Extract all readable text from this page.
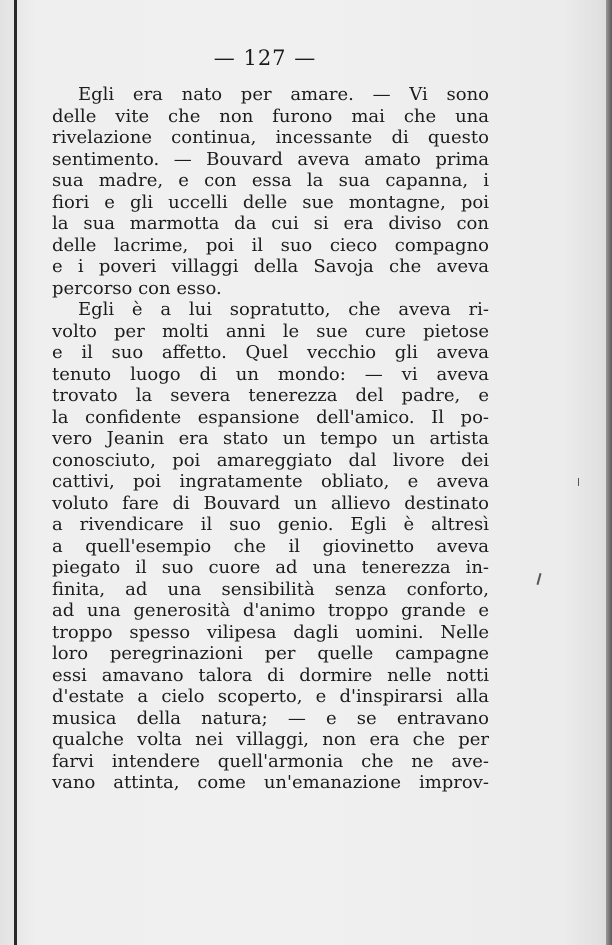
— 127 —
Egli era nato per amare. — Vi sono
delle vite che non furono mai che una
rivelazione continua, incessante di questo
sentimento. — Bouvard aveva amato prima
sua madre, e con essa la sua capanna, i
fiori e gli uccelli delle sue montagne, poi
la sua marmotta da cui si era diviso con
delle lacrime, poi il suo cieco compagno
e i poveri villaggi della Savoja che aveva
percorso con esso.
Egli è a lui sopratutto, che aveva ri-
volto per molti anni le sue cure pietose
e il suo affetto. Quel vecchio gli aveva
tenuto luogo di un mondo: — vi aveva
trovato la severa tenerezza del padre, e
la confidente espansione dell'amico. Il po-
vero Jeanin era stato un tempo un artista
conosciuto, poi amareggiato dal livore dei
cattivi, poi ingratamente obliato, e aveva
voluto fare di Bouvard un allievo destinato
a rivendicare il suo genio. Egli è altresì
a quell'esempio che il giovinetto aveva
piegato il suo cuore ad una tenerezza in-
finita, ad una sensibilità senza conforto,
ad una generosità d'animo troppo grande e
troppo spesso vilipesa dagli uomini. Nelle
loro peregrinazioni per quelle campagne
essi amavano talora di dormire nelle notti
d'estate a cielo scoperto, e d'inspirarsi alla
musica della natura; — e se entravano
qualche volta nei villaggi, non era che per
farvi intendere quell'armonia che ne ave-
vano attinta, come un'emanazione improv-
